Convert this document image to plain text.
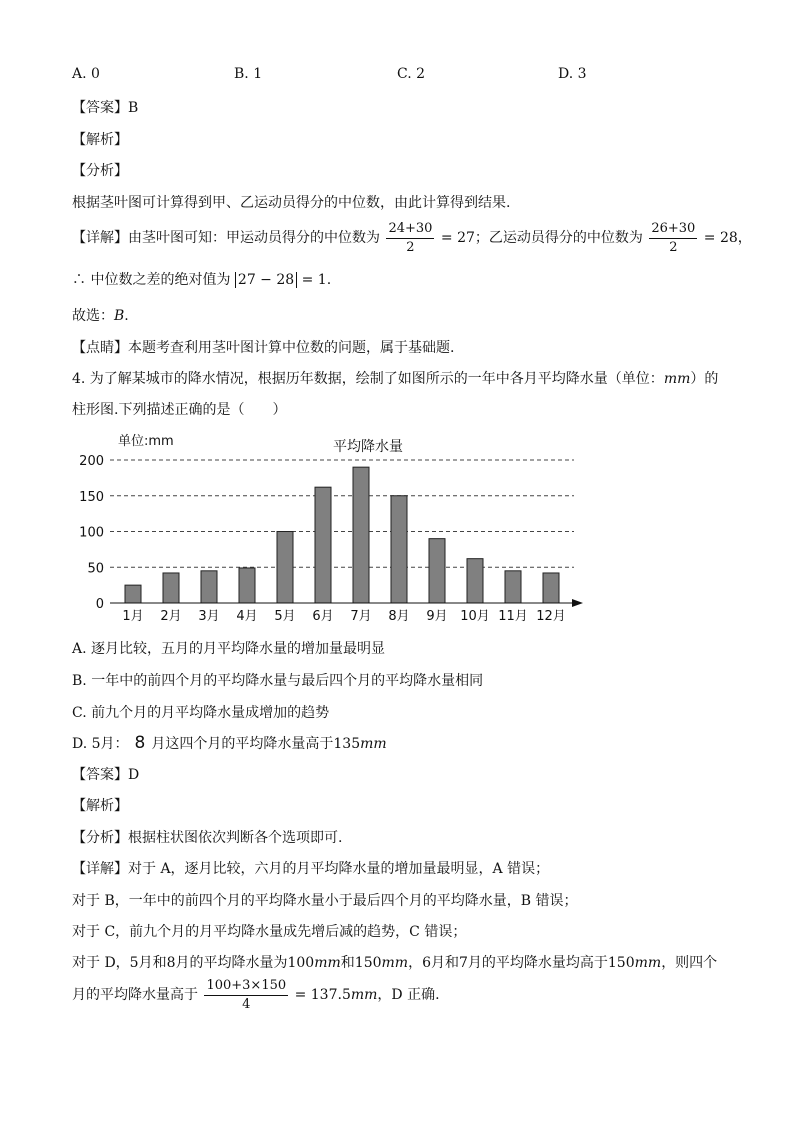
A. 0	B. 1	C. 2	D. 3
【答案】B
【解析】
【分析】
根据茎叶图可计算得到甲、乙运动员得分的中位数，由此计算得到结果.
【详解】由茎叶图可知：甲运动员得分的中位数为 $\frac{24+30}{2} = 27$；乙运动员得分的中位数为 $\frac{26+30}{2} = 28$，
∴ 中位数之差的绝对值为 27 − 28 = 1.
故选：B.
【点睛】本题考查利用茎叶图计算中位数的问题，属于基础题.
4. 为了解某城市的降水情况，根据历年数据，绘制了如图所示的一年中各月平均降水量（单位：mm）的
柱形图.下列描述正确的是（　　）
0
50
100
150
200
1月 2月 3月 4月 5月 6月 7月 8月 9月 10月 11月 12月
单位:mm	平均降水量
A. 逐月比较，五月的月平均降水量的增加量最明显
B. 一年中的前四个月的平均降水量与最后四个月的平均降水量相同
C. 前九个月的月平均降水量成增加的趋势
D. 5月： 8 月这四个月的平均降水量高于135mm
【答案】D
【解析】
【分析】根据柱状图依次判断各个选项即可.
【详解】对于 A，逐月比较，六月的月平均降水量的增加量最明显，A 错误；
对于 B，一年中的前四个月的平均降水量小于最后四个月的平均降水量，B 错误；
对于 C，前九个月的月平均降水量成先增后减的趋势，C 错误；
对于 D，5月和8月的平均降水量为100mm和150mm，6月和7月的平均降水量均高于150mm，则四个
月的平均降水量高于 $\frac{100+3\times 150}{4} = 137.5mm$，D 正确.
